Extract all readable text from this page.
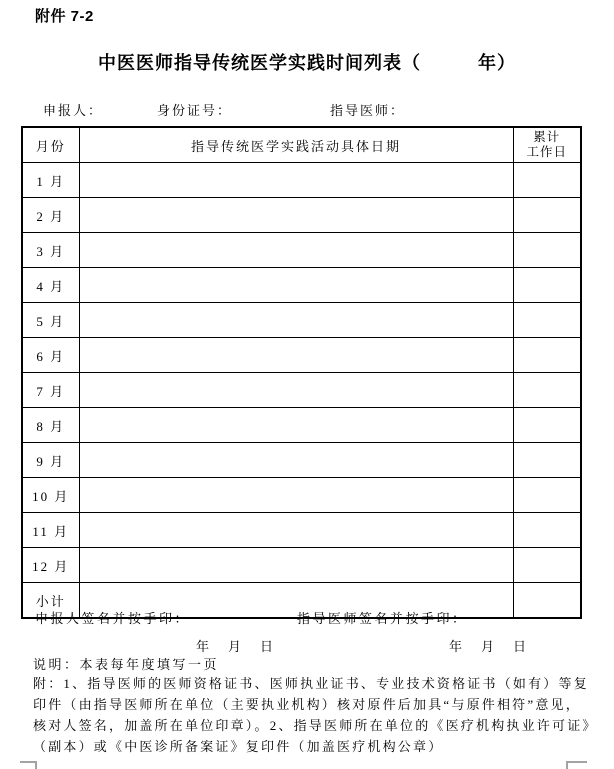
附件 7-2
中医医师指导传统医学实践时间列表（　　　年）
申报人：	身份证号：	指导医师：
月份	指导传统医学实践活动具体日期	累计
工作日

1 月		
2 月		
3 月		
4 月		
5 月		
6 月		
7 月		
8 月		
9 月		
10 月		
11 月		
12 月		
小计		
申报人签名并按手印：	指导医师签名并按手印：
年　月　日	年　月　日
说明：本表每年度填写一页
附：1、指导医师的医师资格证书、医师执业证书、专业技术资格证书（如有）等复
印件（由指导医师所在单位（主要执业机构）核对原件后加具“与原件相符”意见，
核对人签名，加盖所在单位印章）。2、指导医师所在单位的《医疗机构执业许可证》
（副本）或《中医诊所备案证》复印件（加盖医疗机构公章）
